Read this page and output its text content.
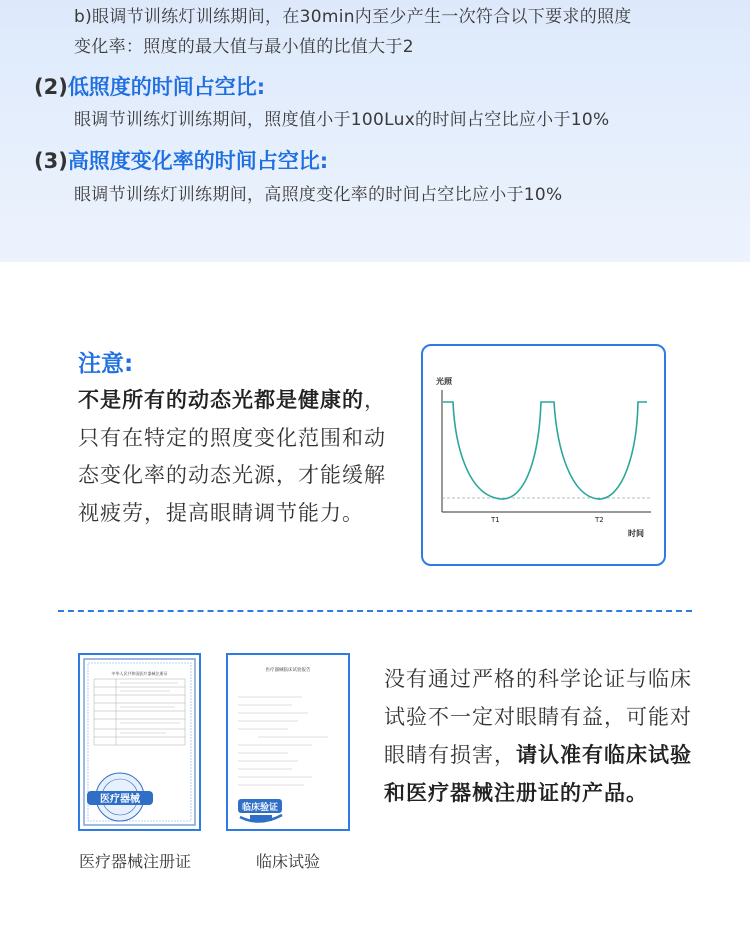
b)眼调节训练灯训练期间，在30min内至少产生一次符合以下要求的照度
变化率：照度的最大值与最小值的比值大于2
(2)低照度的时间占空比:
眼调节训练灯训练期间，照度值小于100Lux的时间占空比应小于10%
(3)高照度变化率的时间占空比:
眼调节训练灯训练期间，高照度变化率的时间占空比应小于10%
注意:
不是所有的动态光都是健康的，只有在特定的照度变化范围和动态变化率的动态光源，才能缓解视疲劳，提高眼睛调节能力。
光照
T1	T2
时间
中华人民共和国医疗器械注册证
医疗器械
医疗器械注册证
医疗器械临床试验报告
临床验证
临床试验
没有通过严格的科学论证与临床试验不一定对眼睛有益，可能对眼睛有损害，请认准有临床试验和医疗器械注册证的产品。
